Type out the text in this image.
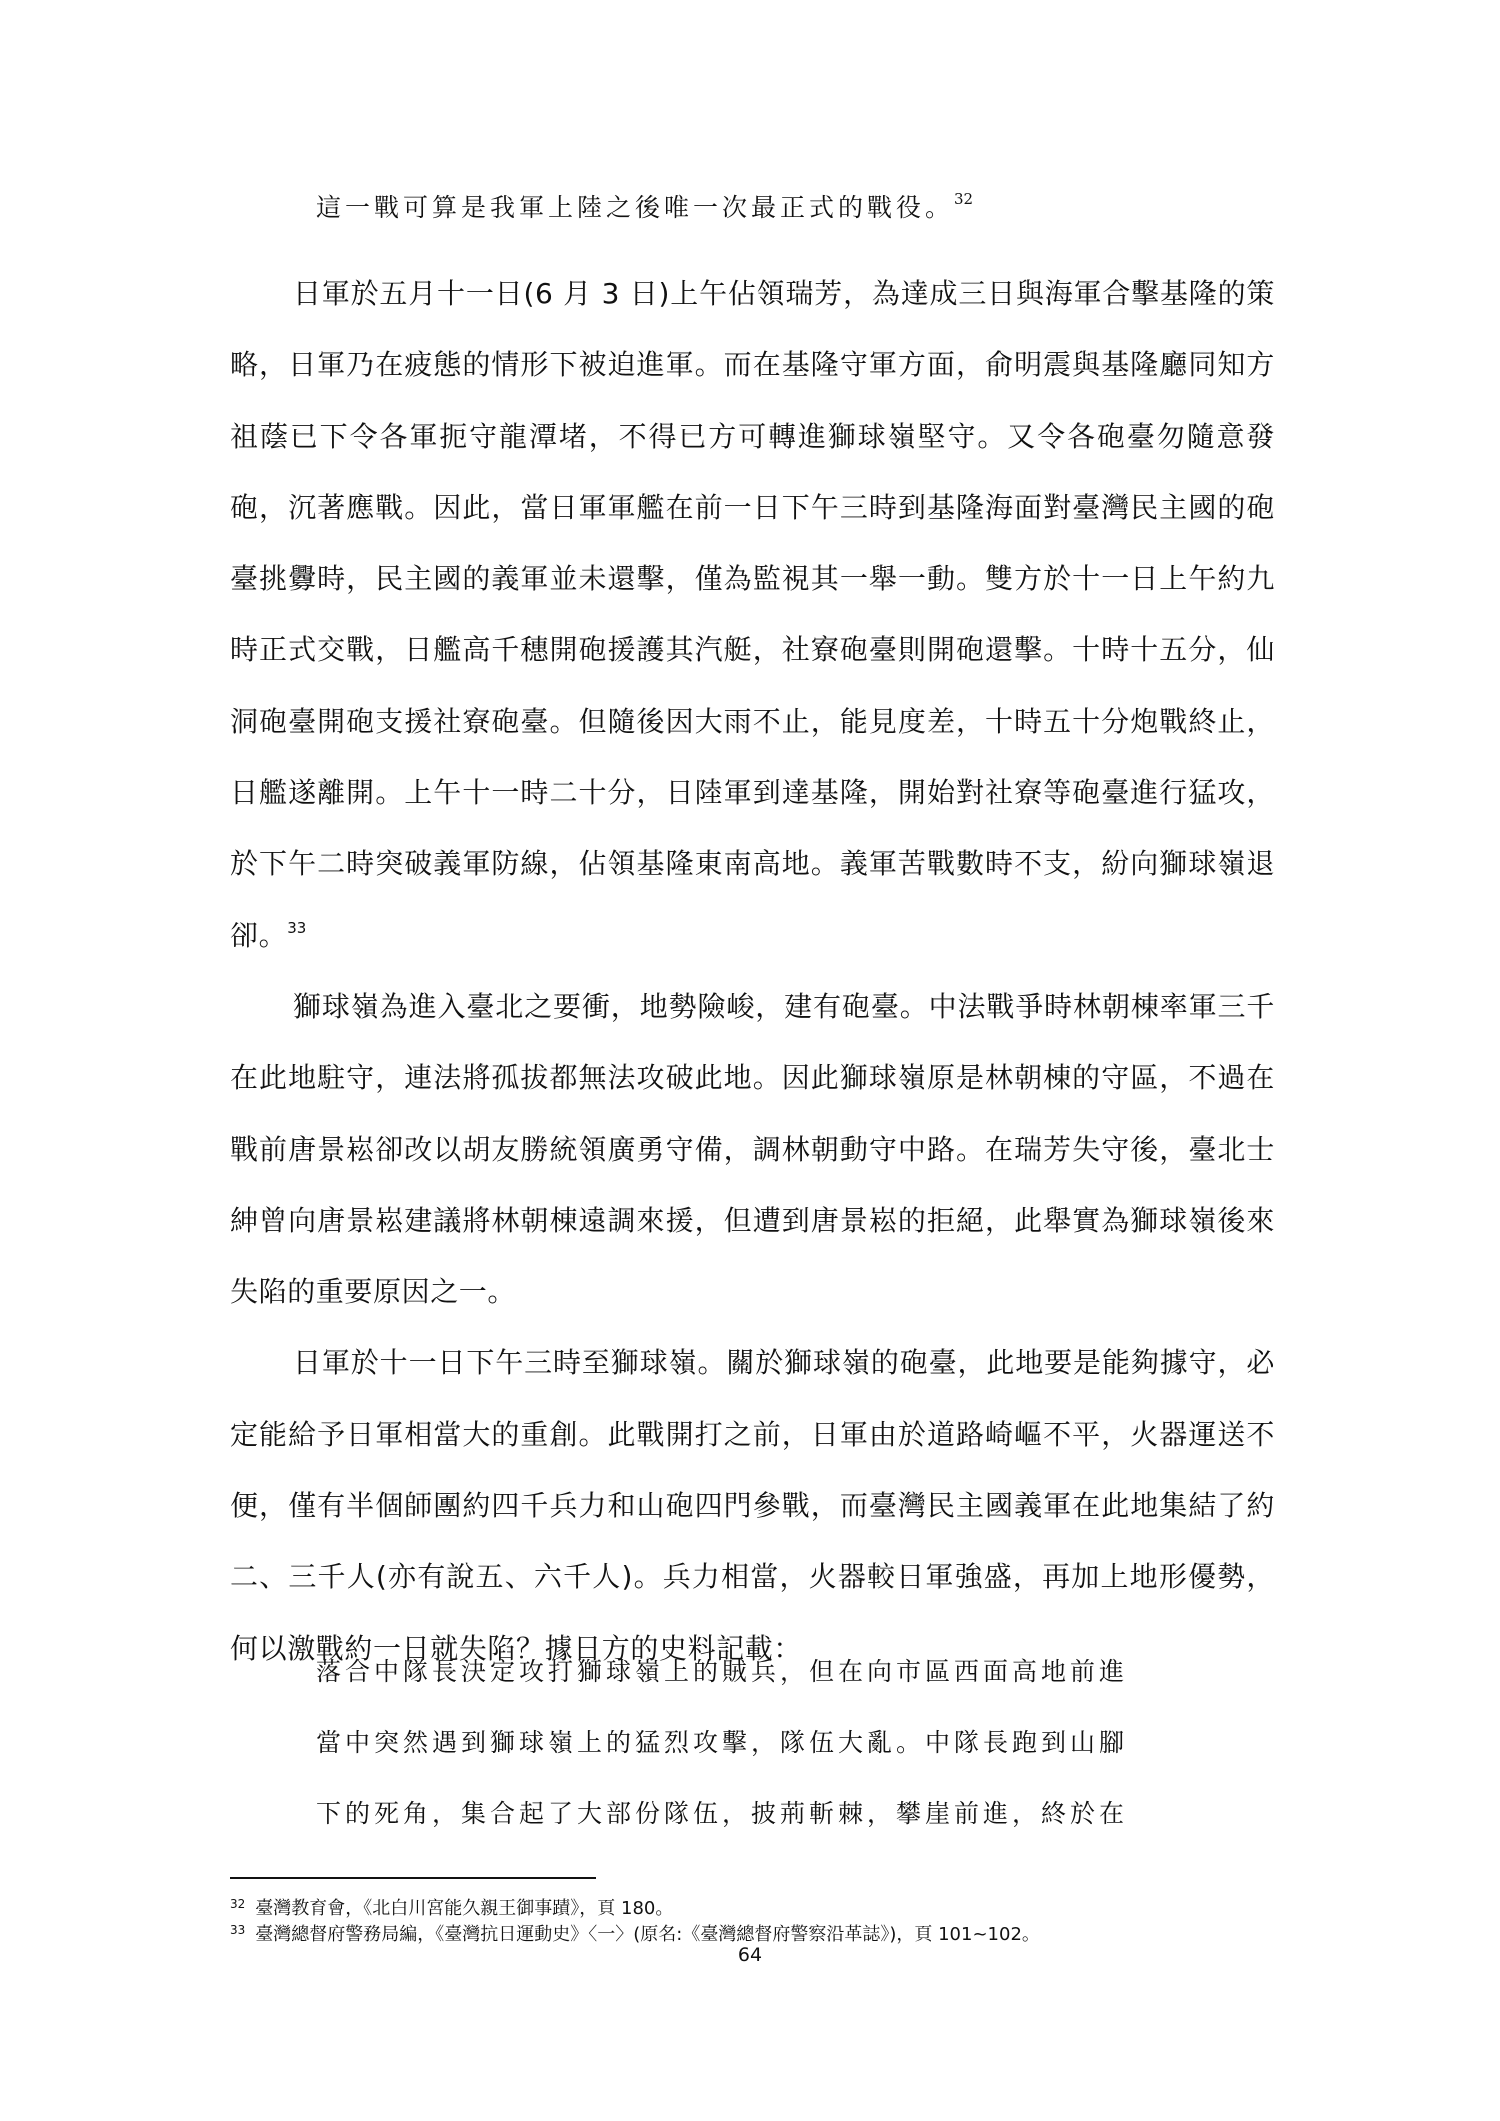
這一戰可算是我軍上陸之後唯一次最正式的戰役。$^{32}$

日軍於五月十一日(6 月 3 日)上午佔領瑞芳，為達成三日與海軍合擊基隆的策略，日軍乃在疲態的情形下被迫進軍。而在基隆守軍方面，俞明震與基隆廳同知方祖蔭已下令各軍扼守龍潭堵，不得已方可轉進獅球嶺堅守。又令各砲臺勿隨意發砲，沉著應戰。因此，當日軍軍艦在前一日下午三時到基隆海面對臺灣民主國的砲臺挑釁時，民主國的義軍並未還擊，僅為監視其一舉一動。雙方於十一日上午約九時正式交戰，日艦高千穗開砲援護其汽艇，社寮砲臺則開砲還擊。十時十五分，仙洞砲臺開砲支援社寮砲臺。但隨後因大雨不止，能見度差，十時五十分炮戰終止，日艦遂離開。上午十一時二十分，日陸軍到達基隆，開始對社寮等砲臺進行猛攻，於下午二時突破義軍防線，佔領基隆東南高地。義軍苦戰數時不支，紛向獅球嶺退卻。$^{33}$

獅球嶺為進入臺北之要衝，地勢險峻，建有砲臺。中法戰爭時林朝棟率軍三千在此地駐守，連法將孤拔都無法攻破此地。因此獅球嶺原是林朝棟的守區，不過在戰前唐景崧卻改以胡友勝統領廣勇守備，調林朝動守中路。在瑞芳失守後，臺北士紳曾向唐景崧建議將林朝棟遠調來援，但遭到唐景崧的拒絕，此舉實為獅球嶺後來失陷的重要原因之一。

日軍於十一日下午三時至獅球嶺。關於獅球嶺的砲臺，此地要是能夠據守，必定能給予日軍相當大的重創。此戰開打之前，日軍由於道路崎嶇不平，火器運送不便，僅有半個師團約四千兵力和山砲四門參戰，而臺灣民主國義軍在此地集結了約二、三千人(亦有說五、六千人)。兵力相當，火器較日軍強盛，再加上地形優勢，何以激戰約一日就失陷？據日方的史料記載：

落合中隊長決定攻打獅球嶺上的賊兵，但在向市區西面高地前進
當中突然遇到獅球嶺上的猛烈攻擊，隊伍大亂。中隊長跑到山腳
下的死角，集合起了大部份隊伍，披荊斬棘，攀崖前進，終於在
$^{32}$ 臺灣教育會，《北白川宮能久親王御事蹟》，頁 180。
$^{33}$ 臺灣總督府警務局編，《臺灣抗日運動史》〈一〉(原名:《臺灣總督府警察沿革誌》)，頁 101~102。
64
